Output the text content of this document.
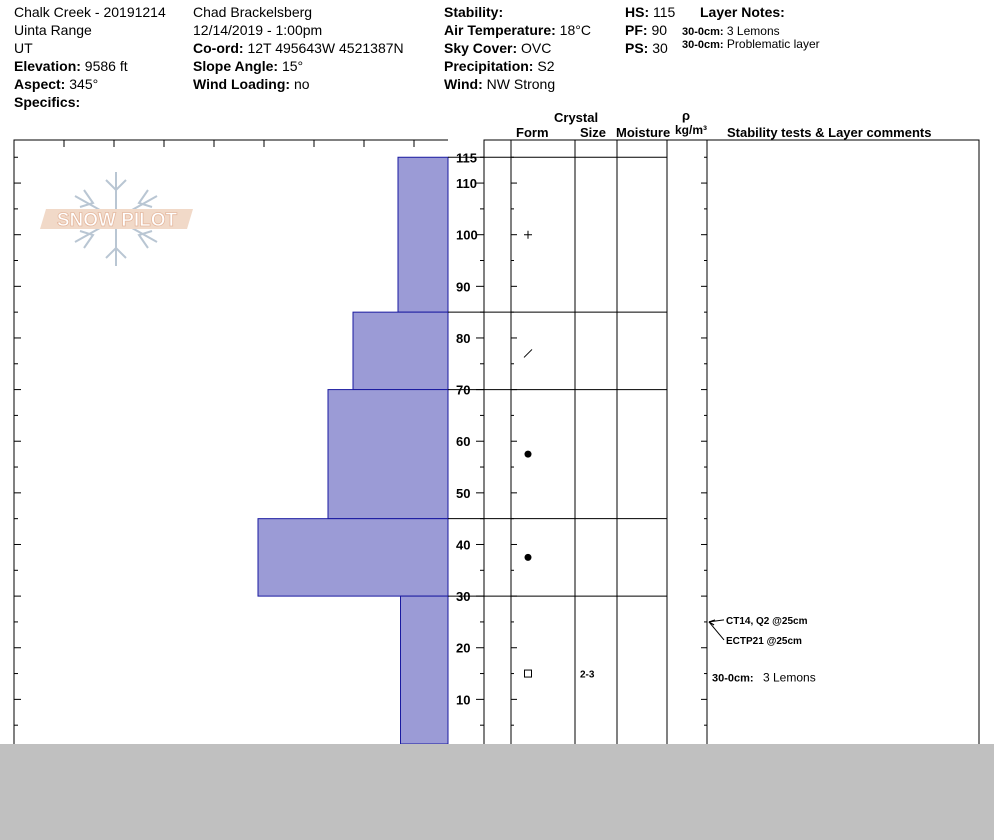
Chalk Creek - 20191214
Uinta Range
UT
Elevation: 9586 ft
Aspect: 345°
Specifics:
Chad Brackelsberg
12/14/2019 - 1:00pm
Co-ord: 12T 495643W 4521387N
Slope Angle: 15°
Wind Loading: no
Stability:
Air Temperature: 18°C
Sky Cover: OVC
Precipitation: S2
Wind: NW Strong
HS: 115
PF: 90
PS: 30
Layer Notes:
30-0cm: 3 Lemons
30-0cm: Problematic layer
Crystal
Form Size Moisture
ρ
kg/m³ Stability tests & Layer comments
SNOW PILOT
10
20
30
40
50
60
70
80
90
100
110
115
2-3
CT14, Q2 @25cm
ECTP21 @25cm
30-0cm: 3 Lemons
